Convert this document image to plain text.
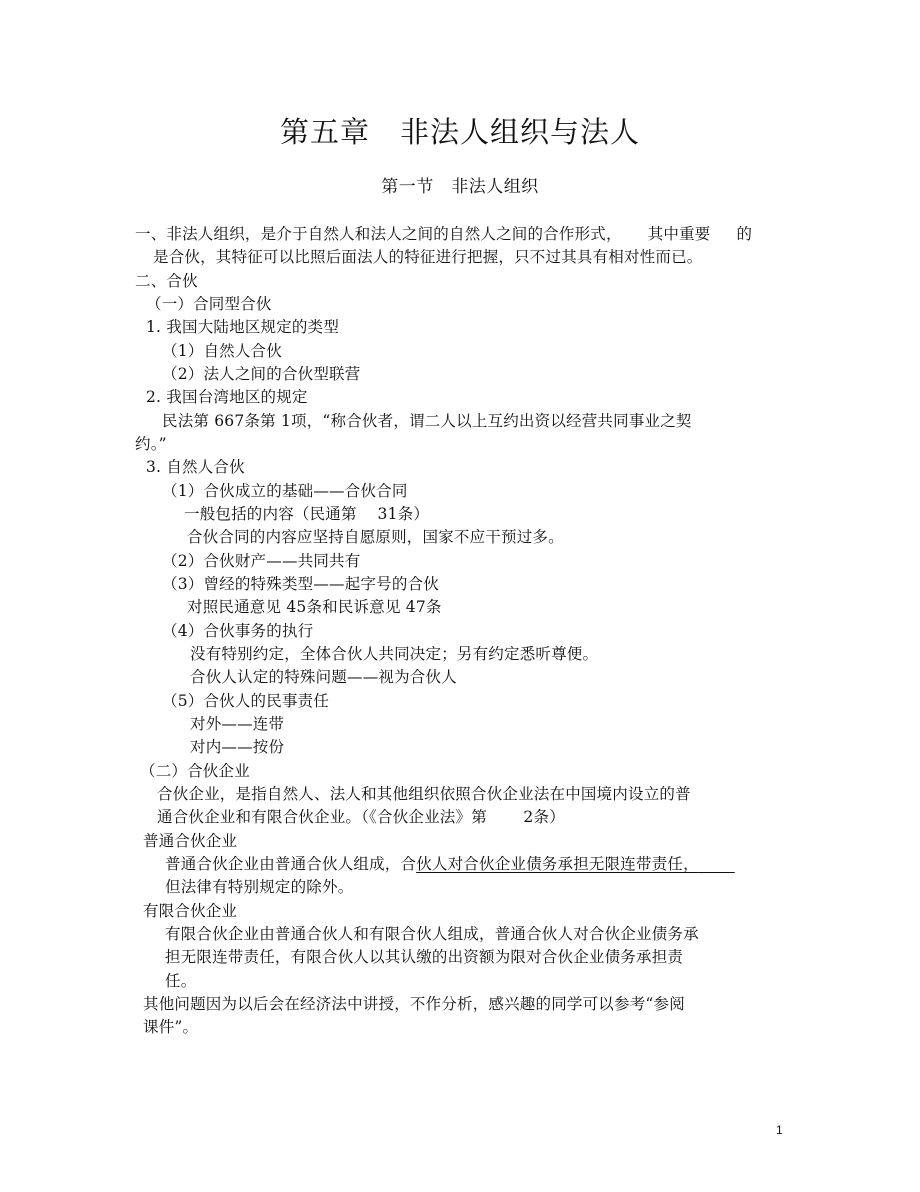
第五章　非法人组织与法人
第一节　非法人组织
一、非法人组织，是介于自然人和法人之间的自然人之间的合作形式， 其中重要 的
是合伙，其特征可以比照后面法人的特征进行把握，只不过其具有相对性而已。
二、合伙
（一）合同型合伙
1. 我国大陆地区规定的类型
（1）自然人合伙
（2）法人之间的合伙型联营
2. 我国台湾地区的规定
民法第 667条第 1项，“称合伙者，谓二人以上互约出资以经营共同事业之契
约。”
3. 自然人合伙
（1）合伙成立的基础——合伙合同
一般包括的内容（民通第　 31条）
合伙合同的内容应坚持自愿原则，国家不应干预过多。
（2）合伙财产——共同共有
（3）曾经的特殊类型——起字号的合伙
对照民通意见 45条和民诉意见 47条
（4）合伙事务的执行
没有特别约定，全体合伙人共同决定；另有约定悉听尊便。
合伙人认定的特殊问题——视为合伙人
（5）合伙人的民事责任
对外——连带
对内——按份
（二）合伙企业
合伙企业，是指自然人、法人和其他组织依照合伙企业法在中国境内设立的普
通合伙企业和有限合伙企业。（《合伙企业法》第　　 2条）
普通合伙企业
普通合伙企业由普通合伙人组成，合伙人对合伙企业债务承担无限连带责任，
但法律有特别规定的除外。
有限合伙企业
有限合伙企业由普通合伙人和有限合伙人组成，普通合伙人对合伙企业债务承
担无限连带责任，有限合伙人以其认缴的出资额为限对合伙企业债务承担责
任。
其他问题因为以后会在经济法中讲授，不作分析，感兴趣的同学可以参考“参阅
课件”。
1
